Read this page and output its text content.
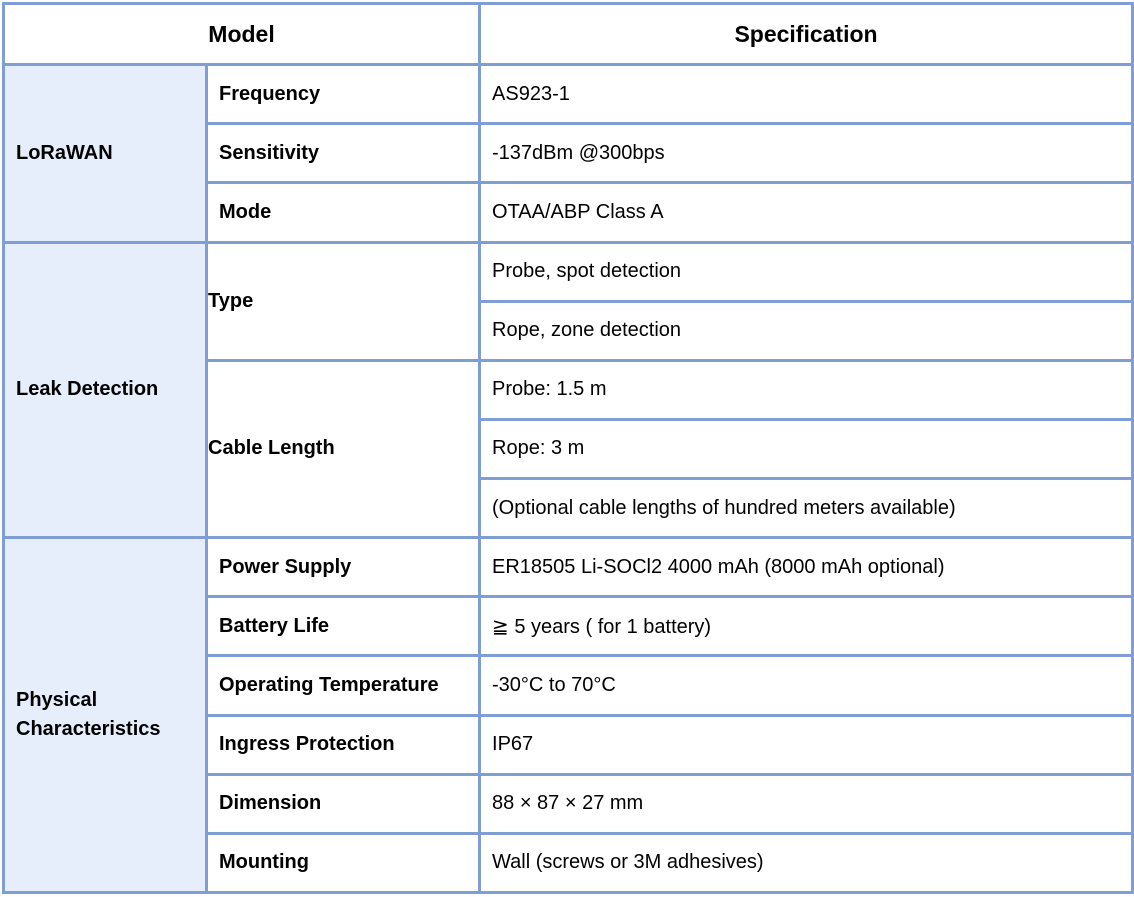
Model		Specification
LoRaWAN	Frequency	AS923-1
	Sensitivity	-137dBm @300bps
	Mode	OTAA/ABP Class A
Leak Detection	Type	Probe, spot detection
		Rope, zone detection
	Cable Length	Probe: 1.5 m
		Rope: 3 m
		(Optional cable lengths of hundred meters available)

Physical
Characteristics	Power Supply	ER18505 Li-SOCl2 4000 mAh (8000 mAh optional)
	Battery Life	≧ 5 years ( for 1 battery)
	Operating Temperature	-30°C to 70°C
	Ingress Protection	IP67
	Dimension	88 × 87 × 27 mm
	Mounting	Wall (screws or 3M adhesives)
